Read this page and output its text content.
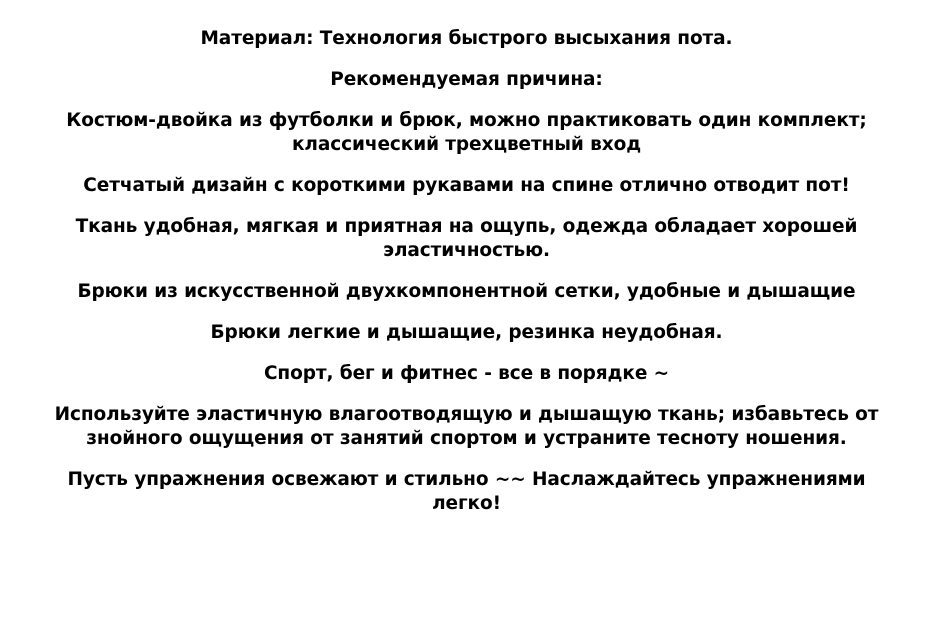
Материал: Технология быстрого высыхания пота.

Рекомендуемая причина:

Костюм-двойка из футболки и брюк, можно практиковать один комплект;
классический трехцветный вход

Сетчатый дизайн с короткими рукавами на спине отлично отводит пот!

Ткань удобная, мягкая и приятная на ощупь, одежда обладает хорошей
эластичностью.

Брюки из искусственной двухкомпонентной сетки, удобные и дышащие

Брюки легкие и дышащие, резинка неудобная.

Спорт, бег и фитнес - все в порядке ~

Используйте эластичную влагоотводящую и дышащую ткань; избавьтесь от
знойного ощущения от занятий спортом и устраните тесноту ношения.

Пусть упражнения освежают и стильно ~~ Наслаждайтесь упражнениями
легко!
